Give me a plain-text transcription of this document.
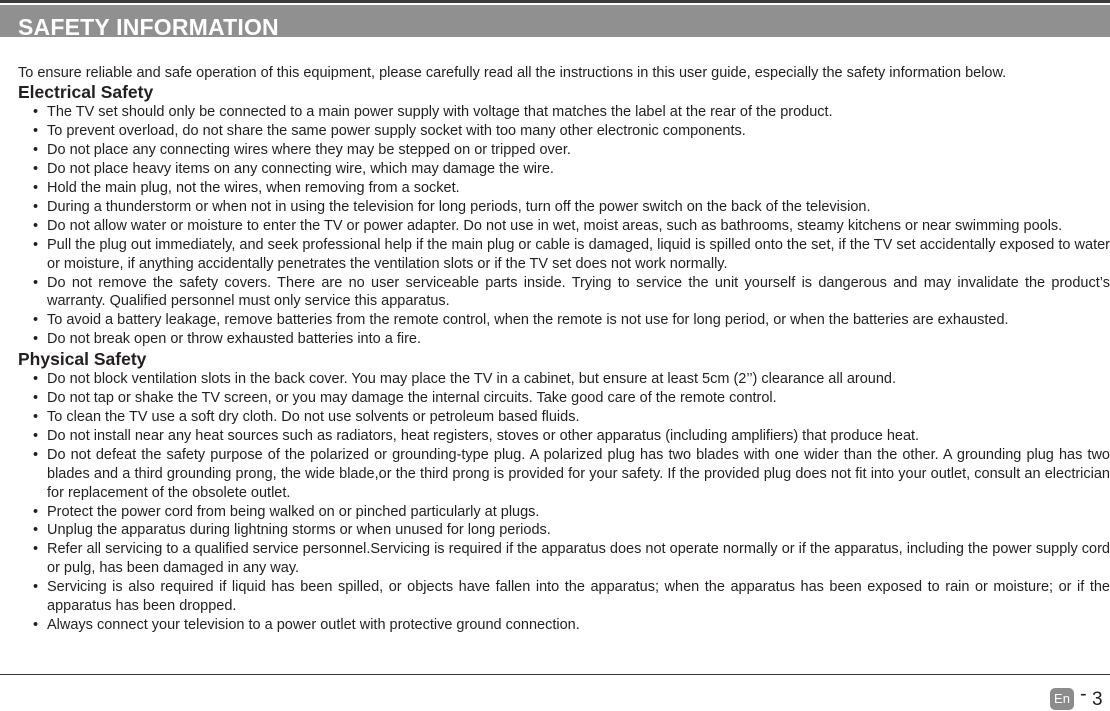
SAFETY INFORMATION

To ensure reliable and safe operation of this equipment, please carefully read all the instructions in this user guide, especially the safety information below.

Electrical Safety
• The TV set should only be connected to a main power supply with voltage that matches the label at the rear of the product.
• To prevent overload, do not share the same power supply socket with too many other electronic components.
• Do not place any connecting wires where they may be stepped on or tripped over.
• Do not place heavy items on any connecting wire, which may damage the wire.
• Hold the main plug, not the wires, when removing from a socket.
• During a thunderstorm or when not in using the television for long periods, turn off the power switch on the back of the television.
• Do not allow water or moisture to enter the TV or power adapter. Do not use in wet, moist areas, such as bathrooms, steamy kitchens or near swimming pools.
• Pull the plug out immediately, and seek professional help if the main plug or cable is damaged, liquid is spilled onto the set, if the TV set accidentally exposed to water or moisture, if anything accidentally penetrates the ventilation slots or if the TV set does not work normally.
• Do not remove the safety covers. There are no user serviceable parts inside. Trying to service the unit yourself is dangerous and may invalidate the product’s warranty. Qualified personnel must only service this apparatus.
• To avoid a battery leakage, remove batteries from the remote control, when the remote is not use for long period, or when the batteries are exhausted.
• Do not break open or throw exhausted batteries into a fire.
Physical Safety
• Do not block ventilation slots in the back cover. You may place the TV in a cabinet, but ensure at least 5cm (2’’) clearance all around.
• Do not tap or shake the TV screen, or you may damage the internal circuits. Take good care of the remote control.
• To clean the TV use a soft dry cloth. Do not use solvents or petroleum based fluids.
• Do not install near any heat sources such as radiators, heat registers, stoves or other apparatus (including amplifiers) that produce heat.
• Do not defeat the safety purpose of the polarized or grounding-type plug. A polarized plug has two blades with one wider than the other. A grounding plug has two blades and a third grounding prong, the wide blade,or the third prong is provided for your safety. If the provided plug does not fit into your outlet, consult an electrician for replacement of the obsolete outlet.
• Protect the power cord from being walked on or pinched particularly at plugs.
• Unplug the apparatus during lightning storms or when unused for long periods.
• Refer all servicing to a qualified service personnel.Servicing is required if the apparatus does not operate normally or if the apparatus, including the power supply cord or pulg, has been damaged in any way.
• Servicing is also required if liquid has been spilled, or objects have fallen into the apparatus; when the apparatus has been exposed to rain or moisture; or if the apparatus has been dropped.
• Always connect your television to a power outlet with protective ground connection.
En - 3
